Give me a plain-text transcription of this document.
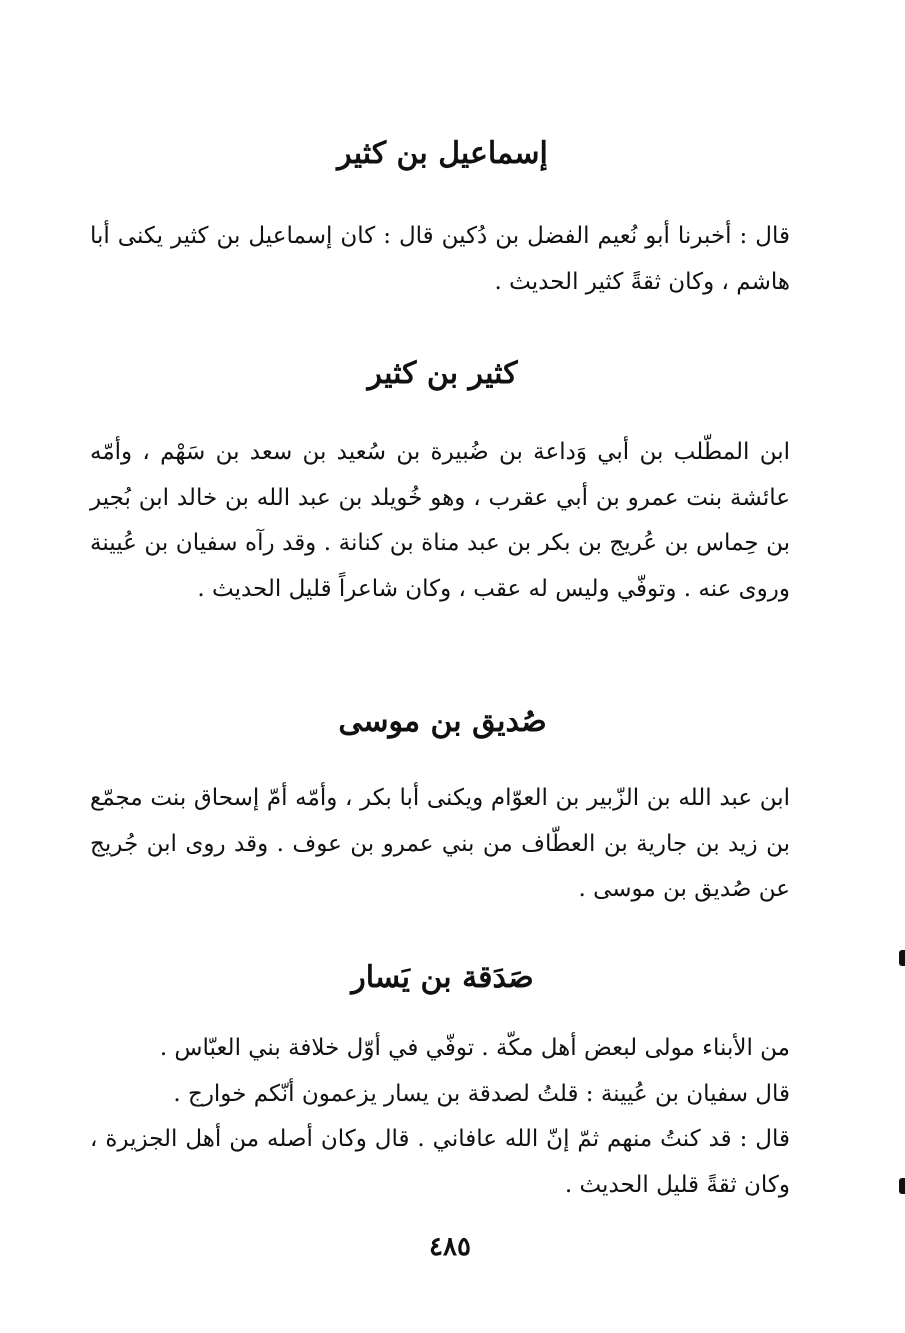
إسماعيل بن كثير

قال : أخبرنا أبو نُعيم الفضل بن دُكين قال : كان إسماعيل بن كثير يكنى أبا هاشم ، وكان ثقةً كثير الحديث .

كثير بن كثير

ابن المطّلب بن أبي وَداعة بن ضُبيرة بن سُعيد بن سعد بن سَهْم ، وأمّه عائشة بنت عمرو بن أبي عقرب ، وهو خُويلد بن عبد الله بن خالد ابن بُجير بن حِماس بن عُريج بن بكر بن عبد مناة بن كنانة . وقد رآه سفيان بن عُيينة وروى عنه . وتوفّي وليس له عقب ، وكان شاعراً قليل الحديث .

صُديق بن موسى

ابن عبد الله بن الزّبير بن العوّام ويكنى أبا بكر ، وأمّه أمّ إسحاق بنت مجمّع بن زيد بن جارية بن العطّاف من بني عمرو بن عوف . وقد روى ابن جُريج عن صُديق بن موسى .

صَدَقة بن يَسار

من الأبناء مولى لبعض أهل مكّة . توفّي في أوّل خلافة بني العبّاس .

قال سفيان بن عُيينة : قلتُ لصدقة بن يسار يزعمون أنّكم خوارج .

قال : قد كنتُ منهم ثمّ إنّ الله عافاني . قال وكان أصله من أهل الجزيرة ، وكان ثقةً قليل الحديث .

٤٨٥
